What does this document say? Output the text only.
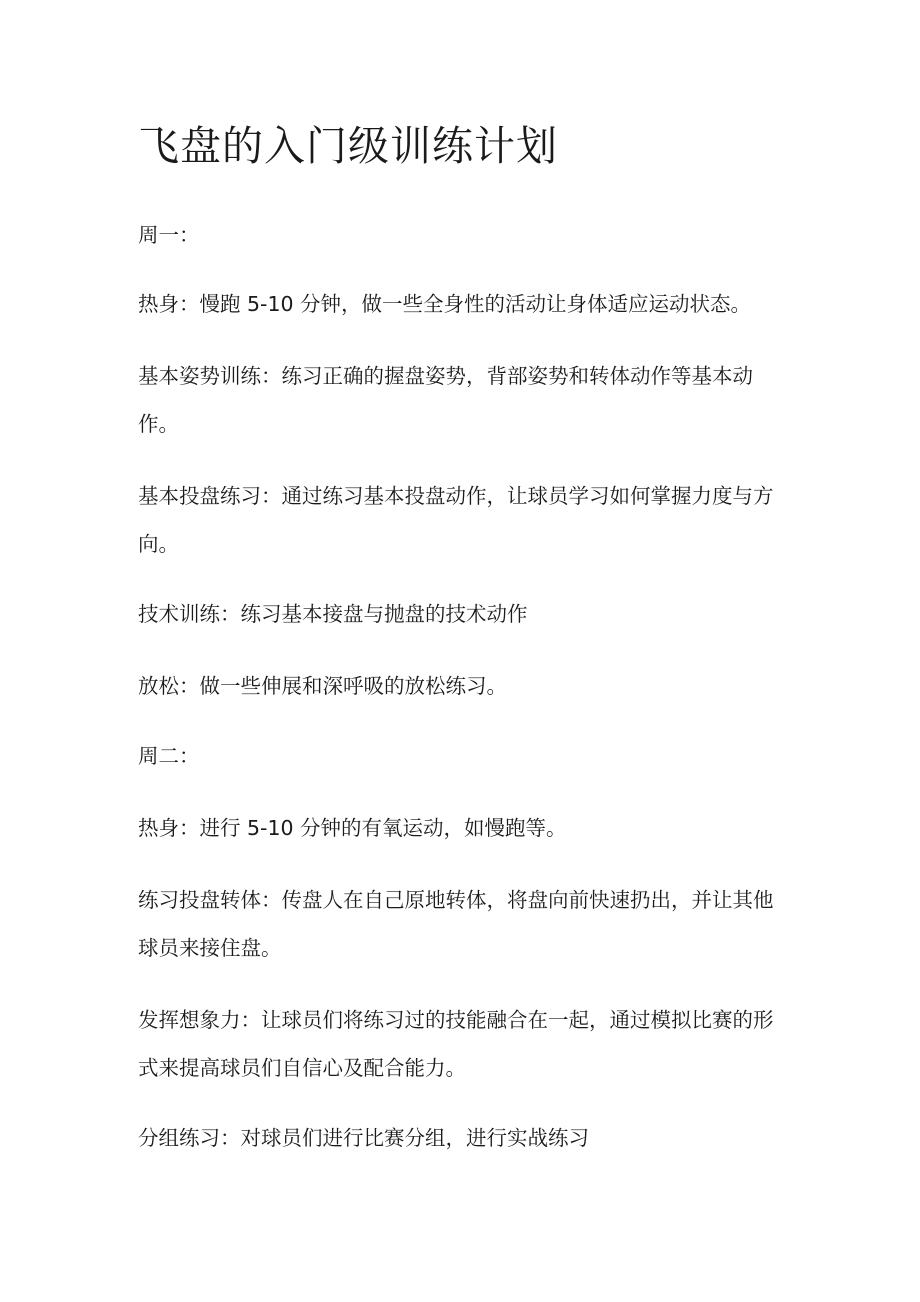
飞盘的入门级训练计划

周一：

热身：慢跑 5-10 分钟，做一些全身性的活动让身体适应运动状态。

基本姿势训练：练习正确的握盘姿势，背部姿势和转体动作等基本动作。

基本投盘练习：通过练习基本投盘动作，让球员学习如何掌握力度与方向。

技术训练：练习基本接盘与抛盘的技术动作

放松：做一些伸展和深呼吸的放松练习。

周二：

热身：进行 5-10 分钟的有氧运动，如慢跑等。

练习投盘转体：传盘人在自己原地转体，将盘向前快速扔出，并让其他球员来接住盘。

发挥想象力：让球员们将练习过的技能融合在一起，通过模拟比赛的形式来提高球员们自信心及配合能力。

分组练习：对球员们进行比赛分组，进行实战练习
